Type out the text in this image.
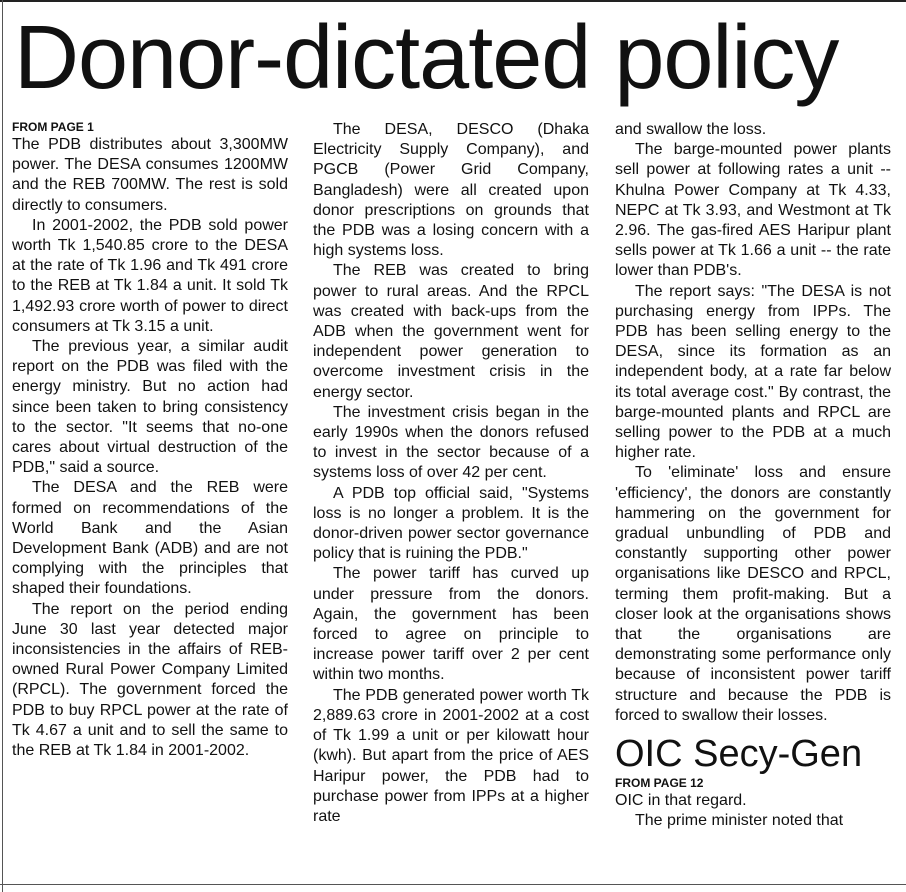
Donor-dictated policy
FROM PAGE 1

The PDB distributes about 3,300MW power. The DESA consumes 1200MW and the REB 700MW. The rest is sold directly to consumers.

In 2001-2002, the PDB sold power worth Tk 1,540.85 crore to the DESA at the rate of Tk 1.96 and Tk 491 crore to the REB at Tk 1.84 a unit. It sold Tk 1,492.93 crore worth of power to direct consumers at Tk 3.15 a unit.

The previous year, a similar audit report on the PDB was filed with the energy ministry. But no action had since been taken to bring consistency to the sector. "It seems that no-one cares about virtual destruction of the PDB," said a source.

The DESA and the REB were formed on recommendations of the World Bank and the Asian Development Bank (ADB) and are not complying with the principles that shaped their foundations.

The report on the period ending June 30 last year detected major inconsistencies in the affairs of REB-owned Rural Power Company Limited (RPCL). The government forced the PDB to buy RPCL power at the rate of Tk 4.67 a unit and to sell the same to the REB at Tk 1.84 in 2001-2002.

The DESA, DESCO (Dhaka Electricity Supply Company), and PGCB (Power Grid Company, Bangladesh) were all created upon donor prescriptions on grounds that the PDB was a losing concern with a high systems loss.

The REB was created to bring power to rural areas. And the RPCL was created with back-ups from the ADB when the government went for independent power generation to overcome investment crisis in the energy sector.

The investment crisis began in the early 1990s when the donors refused to invest in the sector because of a systems loss of over 42 per cent.

A PDB top official said, "Systems loss is no longer a problem. It is the donor-driven power sector governance policy that is ruining the PDB."

The power tariff has curved up under pressure from the donors. Again, the government has been forced to agree on principle to increase power tariff over 2 per cent within two months.

The PDB generated power worth Tk 2,889.63 crore in 2001-2002 at a cost of Tk 1.99 a unit or per kilowatt hour (kwh). But apart from the price of AES Haripur power, the PDB had to purchase power from IPPs at a higher rate

and swallow the loss.

The barge-mounted power plants sell power at following rates a unit -- Khulna Power Company at Tk 4.33, NEPC at Tk 3.93, and Westmont at Tk 2.96. The gas-fired AES Haripur plant sells power at Tk 1.66 a unit -- the rate lower than PDB's.

The report says: "The DESA is not purchasing energy from IPPs. The PDB has been selling energy to the DESA, since its formation as an independent body, at a rate far below its total average cost." By contrast, the barge-mounted plants and RPCL are selling power to the PDB at a much higher rate.

To 'eliminate' loss and ensure 'efficiency', the donors are constantly hammering on the government for gradual unbundling of PDB and constantly supporting other power organisations like DESCO and RPCL, terming them profit-making. But a closer look at the organisations shows that the organisations are demonstrating some performance only because of inconsistent power tariff structure and because the PDB is forced to swallow their losses.

OIC Secy-Gen
FROM PAGE 12

OIC in that regard.

The prime minister noted that
